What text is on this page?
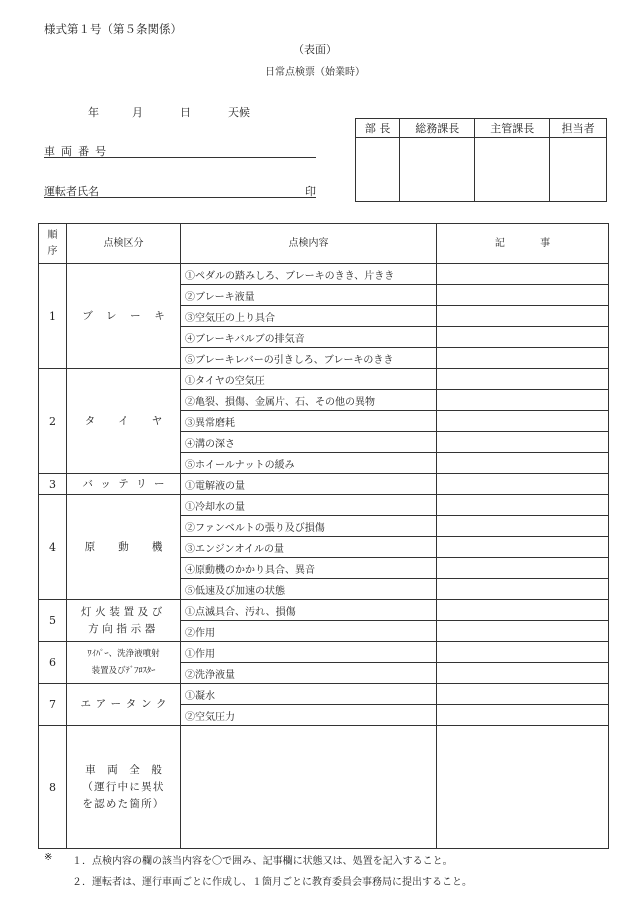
様式第１号（第５条関係）
（表面）
日常点検票（始業時）
年	月	日	天候
車両番号
運転者氏名	印
部 長	総務課長	主管課長	担当者

順序	点検区分	点検内容	記 事
1	ブレーキ	①ペダルの踏みしろ、ブレーキのきき、片きき	
		②ブレーキ液量	
		③空気圧の上り具合	
		④ブレーキバルブの排気音	
		⑤ブレーキレバーの引きしろ、ブレーキのきき	
2	タイヤ	①タイヤの空気圧	
		②亀裂、損傷、金属片、石、その他の異物	
		③異常磨耗	
		④溝の深さ	
		⑤ホイールナットの緩み	
3	バッテリー	①電解液の量	
4	原動機	①冷却水の量	
		②ファンベルトの張り及び損傷	
		③エンジンオイルの量	
		④原動機のかかり具合、異音	
		⑤低速及び加速の状態	
5	灯火装置及び
方向指示器	①点滅具合、汚れ、損傷	
		②作用	
6	ﾜｲﾊﾟｰ、洗浄液噴射
装置及びﾃﾞﾌﾛｽﾀｰ	①作用	
		②洗浄液量	
7	エアータンク	①凝水	
		②空気圧力	
8	車両全般
（運行中に異状
を認めた箇所）		

※ １．点検内容の欄の該当内容を〇で囲み、記事欄に状態又は、処置を記入すること。
２．運転者は、運行車両ごとに作成し、１箇月ごとに教育委員会事務局に提出すること。
